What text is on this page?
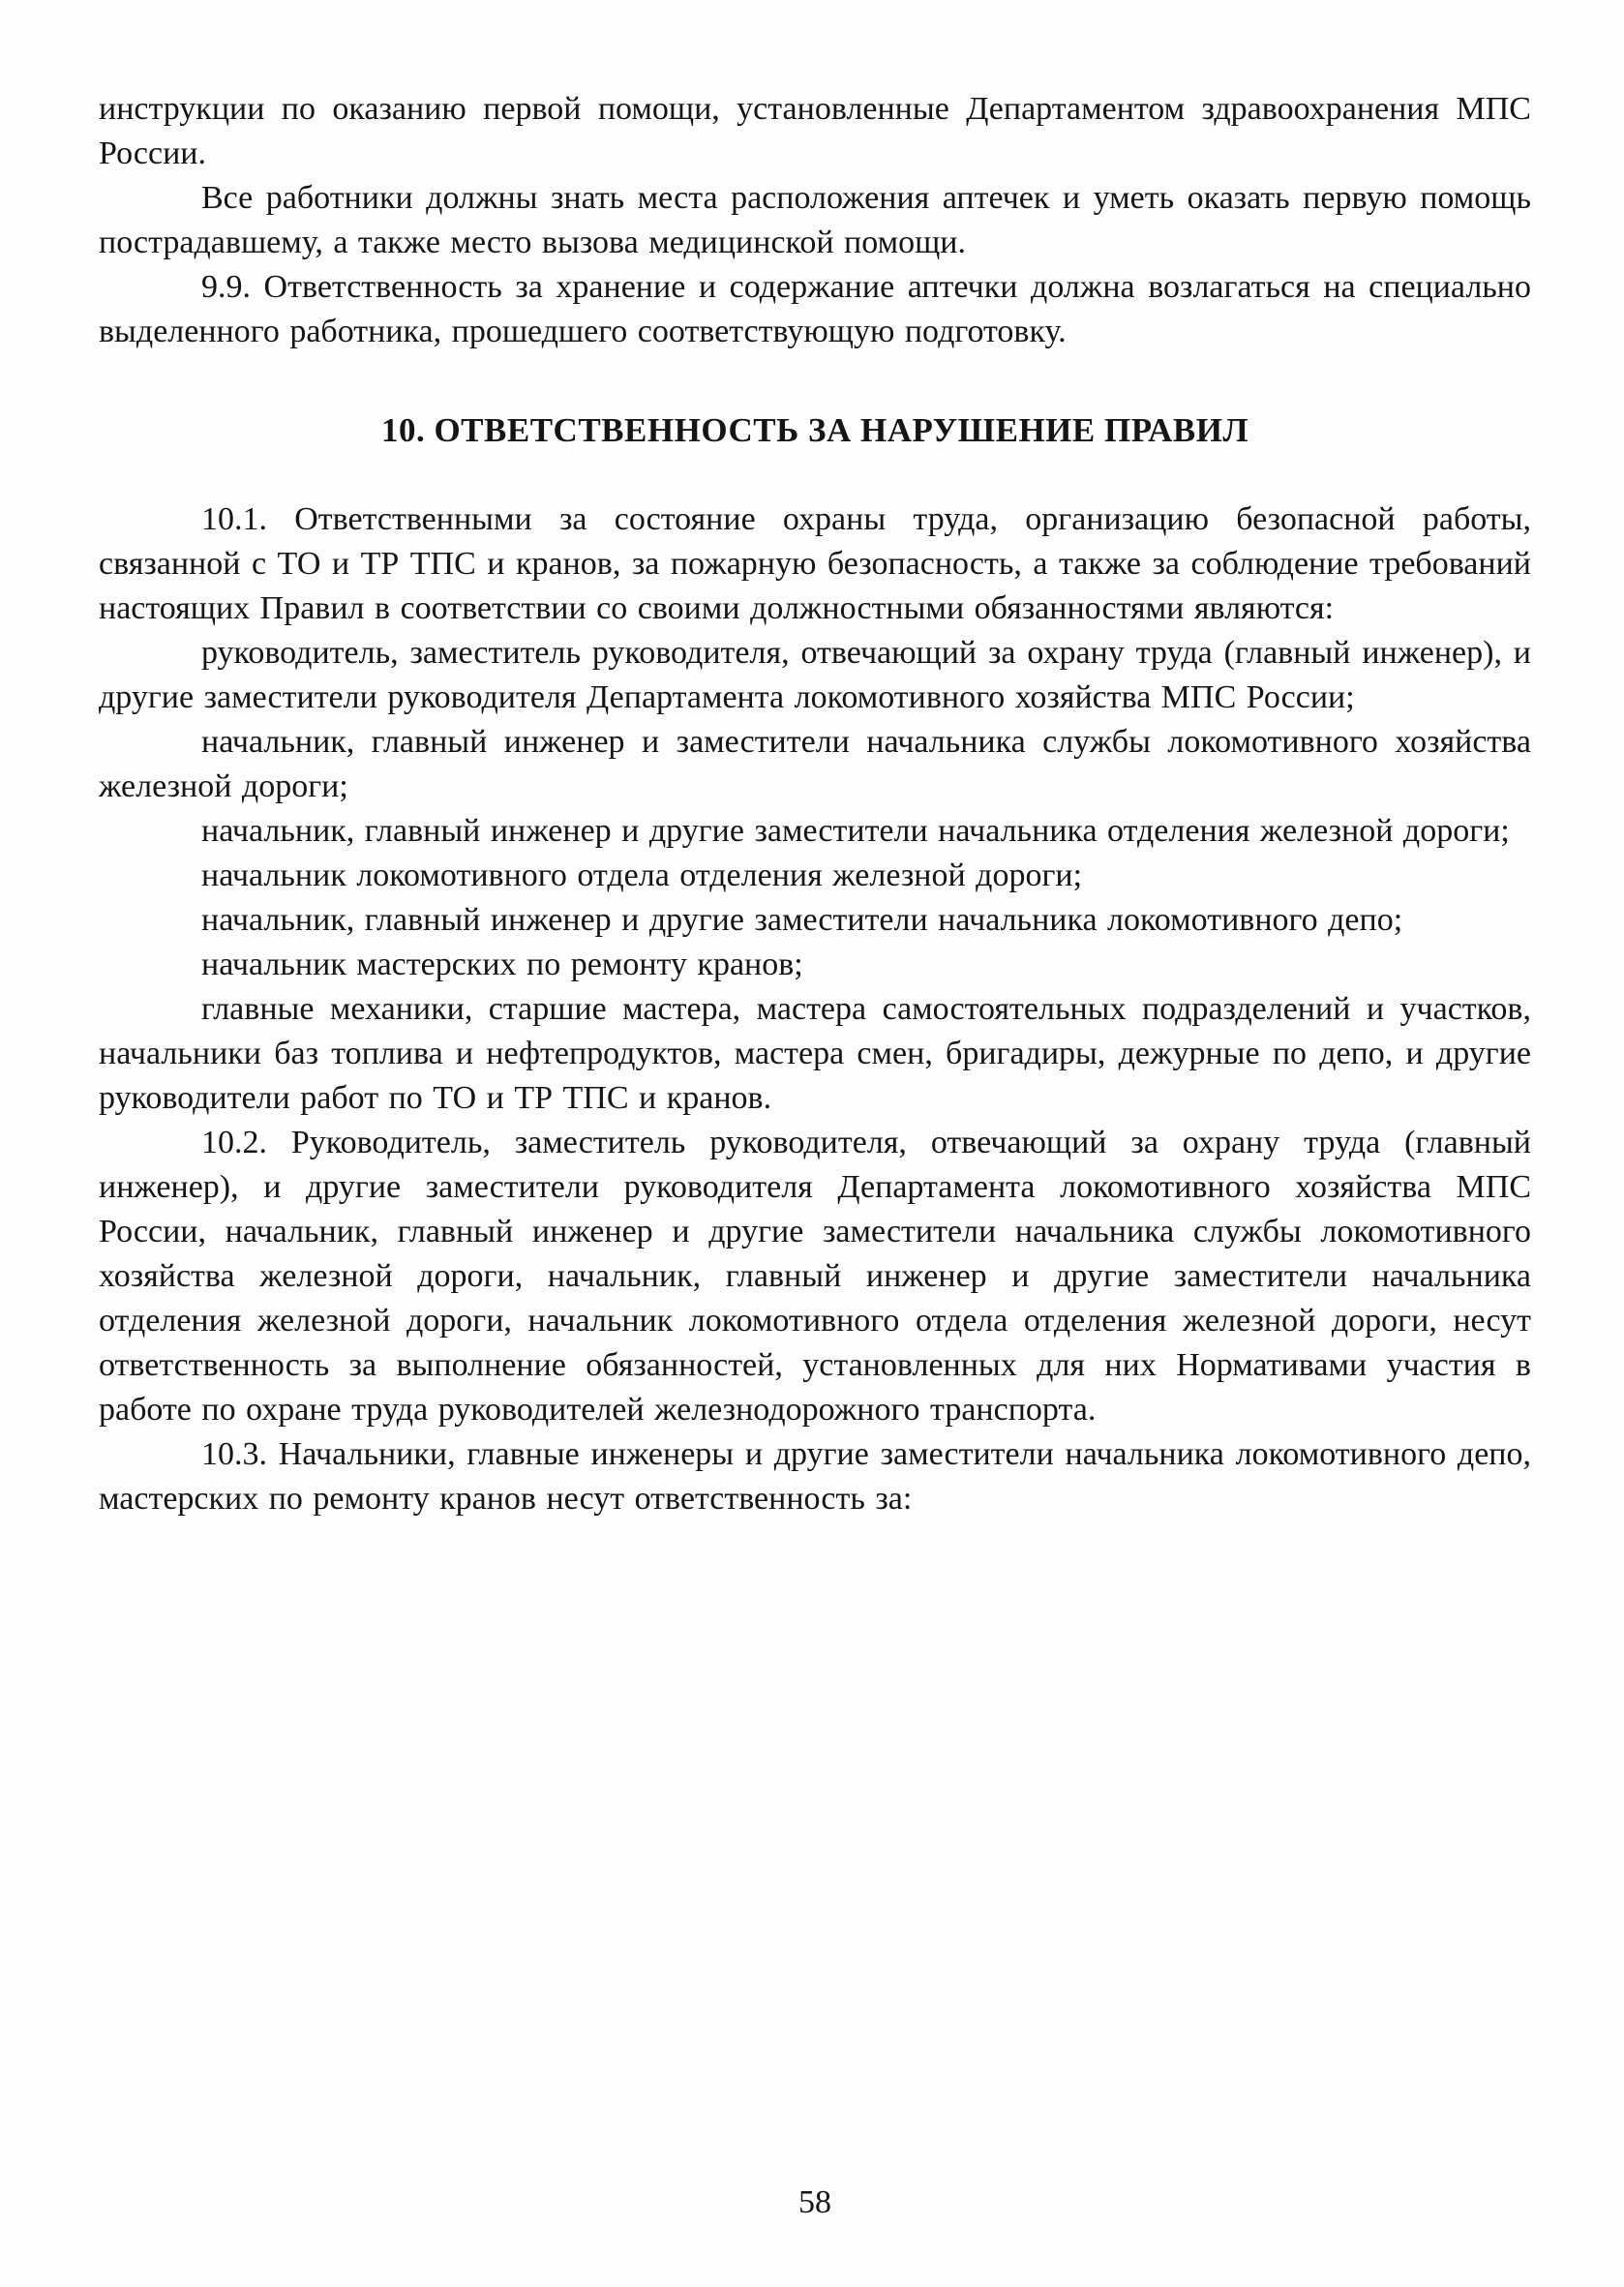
инструкции по оказанию первой помощи, установленные Департаментом здравоохранения МПС России.

Все работники должны знать места расположения аптечек и уметь оказать первую помощь пострадавшему, а также место вызова медицинской помощи.

9.9. Ответственность за хранение и содержание аптечки должна возлагаться на специально выделенного работника, прошедшего соответствующую подготовку.

10. ОТВЕТСТВЕННОСТЬ ЗА НАРУШЕНИЕ ПРАВИЛ

10.1. Ответственными за состояние охраны труда, организацию безопасной работы, связанной с ТО и ТР ТПС и кранов, за пожарную безопасность, а также за соблюдение требований настоящих Правил в соответствии со своими должностными обязанностями являются:

руководитель, заместитель руководителя, отвечающий за охрану труда (главный инженер), и другие заместители руководителя Департамента локомотивного хозяйства МПС России;

начальник, главный инженер и заместители начальника службы локомотивного хозяйства железной дороги;

начальник, главный инженер и другие заместители начальника отделения железной дороги;

начальник локомотивного отдела отделения железной дороги;

начальник, главный инженер и другие заместители начальника локомотивного депо;

начальник мастерских по ремонту кранов;

главные механики, старшие мастера, мастера самостоятельных подразделений и участков, начальники баз топлива и нефтепродуктов, мастера смен, бригадиры, дежурные по депо, и другие руководители работ по ТО и ТР ТПС и кранов.

10.2. Руководитель, заместитель руководителя, отвечающий за охрану труда (главный инженер), и другие заместители руководителя Департамента локомотивного хозяйства МПС России, начальник, главный инженер и другие заместители начальника службы локомотивного хозяйства железной дороги, начальник, главный инженер и другие заместители начальника отделения железной дороги, начальник локомотивного отдела отделения железной дороги, несут ответственность за выполнение обязанностей, установленных для них Нормативами участия в работе по охране труда руководителей железнодорожного транспорта.

10.3. Начальники, главные инженеры и другие заместители начальника локомотивного депо, мастерских по ремонту кранов несут ответственность за:

58
